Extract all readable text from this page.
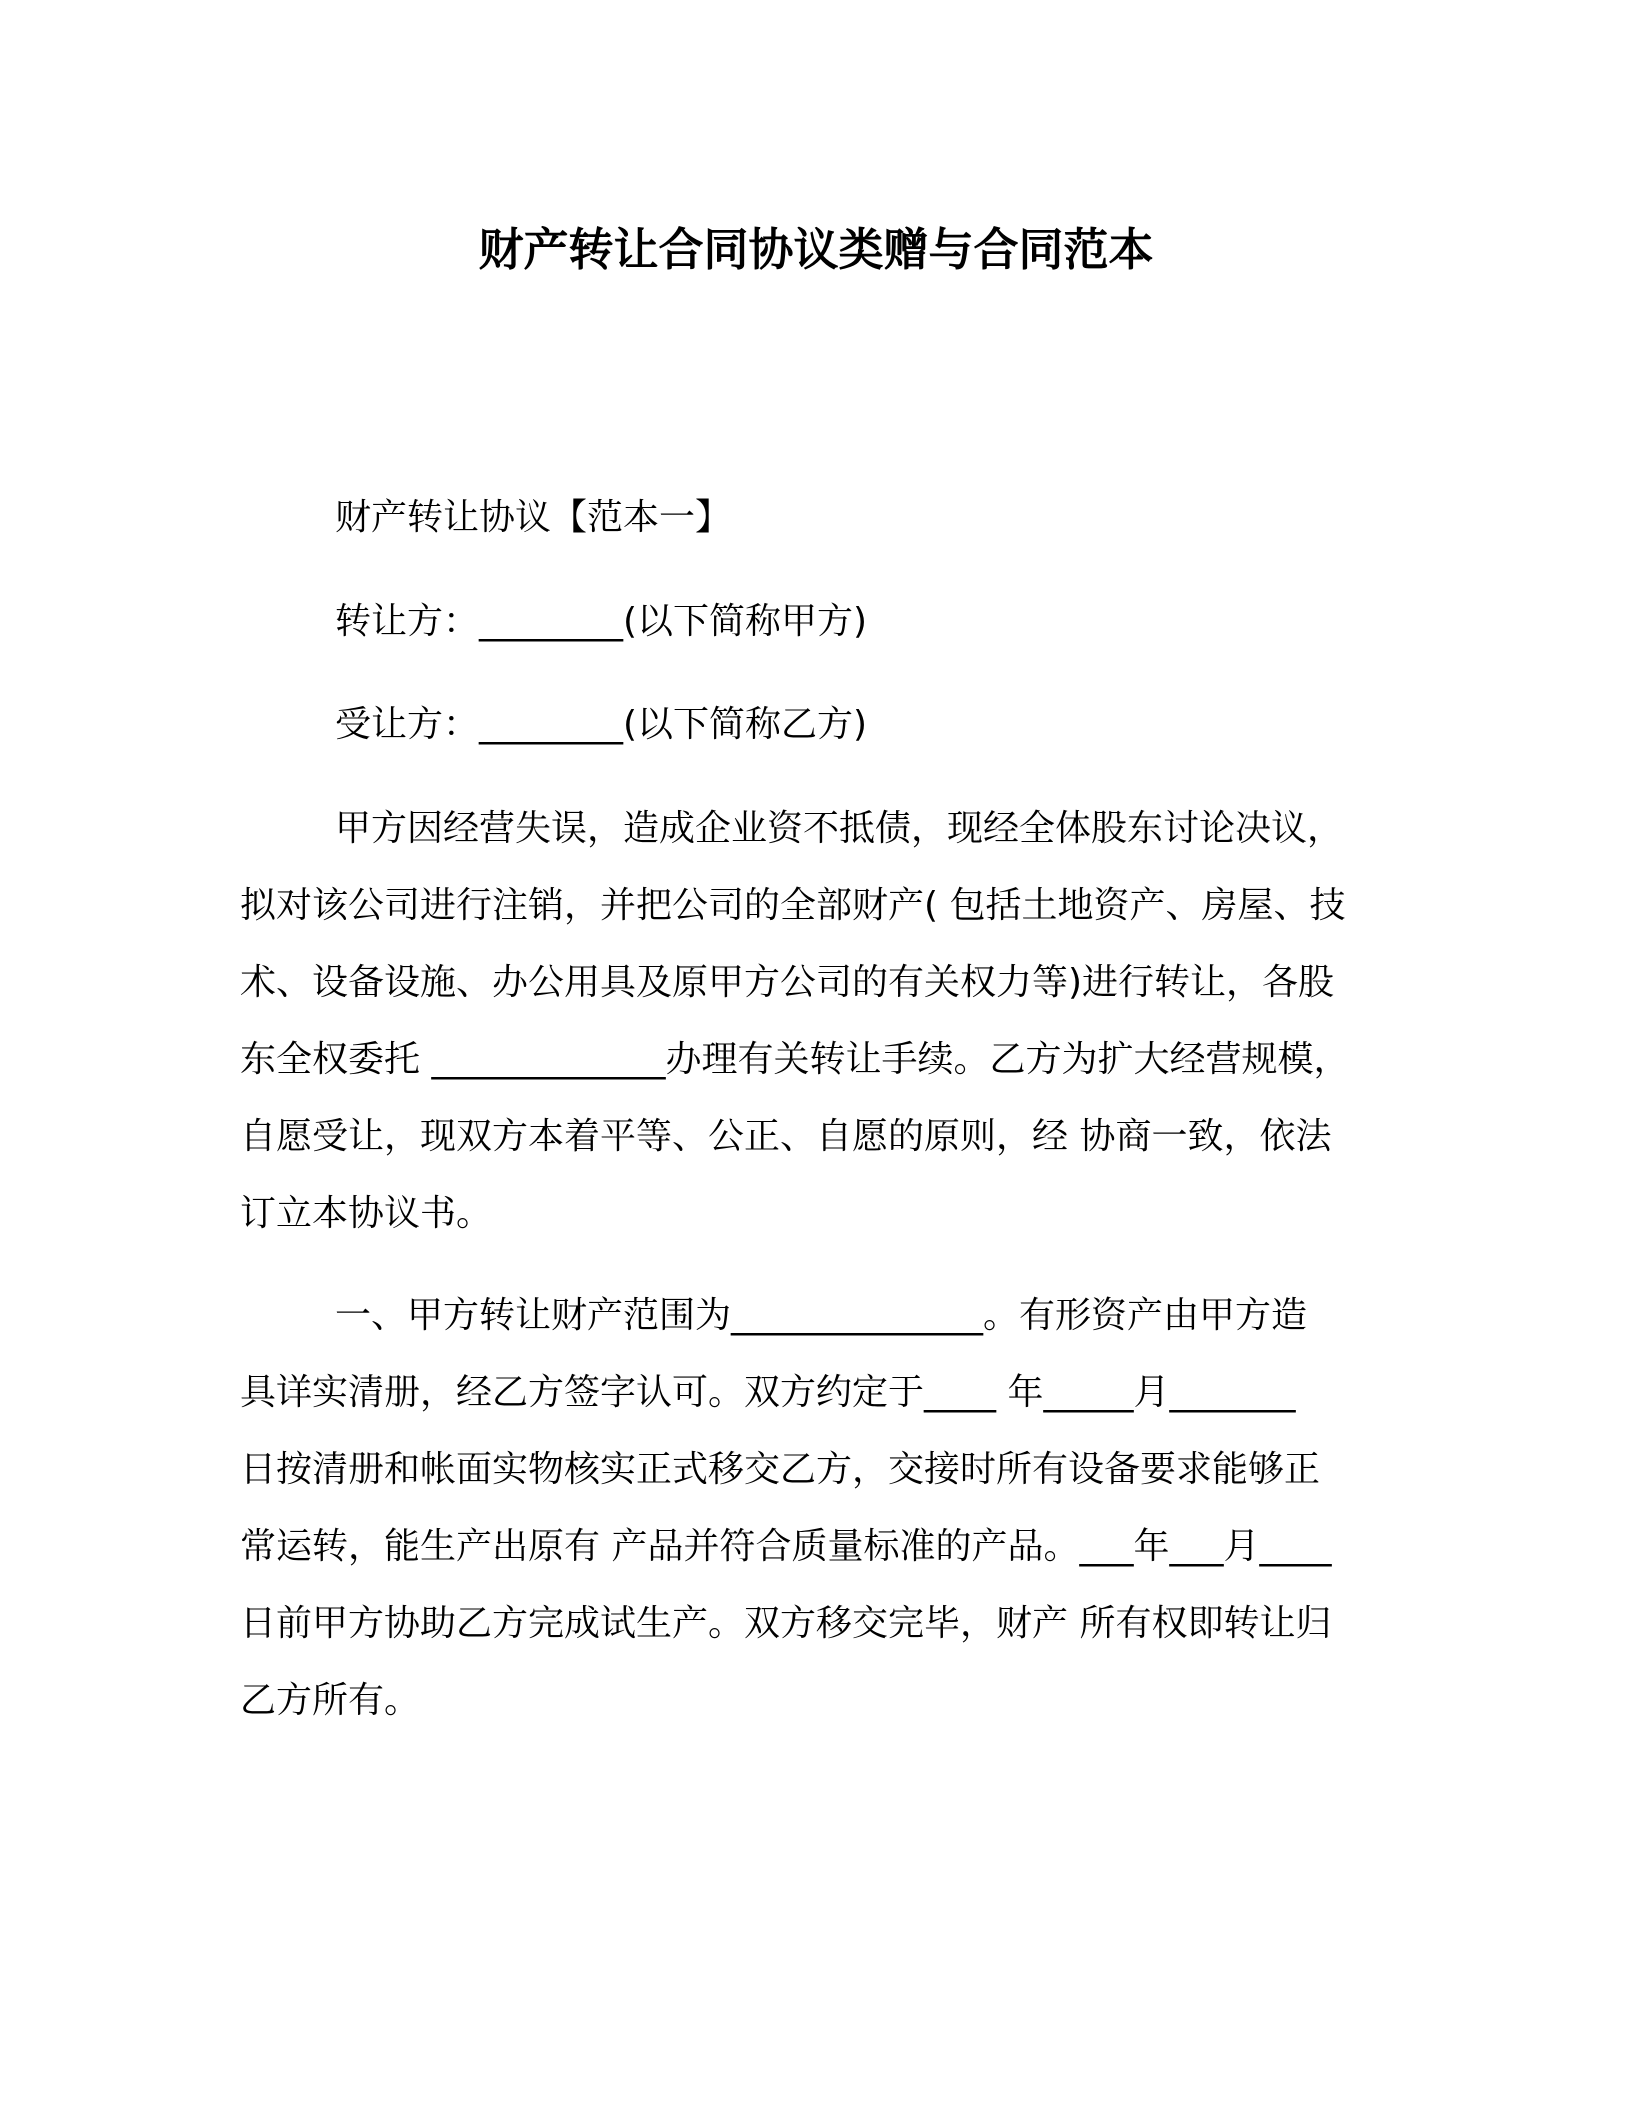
财产转让合同协议类赠与合同范本
财产转让协议【范本一】
转让方：________(以下简称甲方)
受让方：________(以下简称乙方)
甲方因经营失误，造成企业资不抵债，现经全体股东讨论决议，
拟对该公司进行注销，并把公司的全部财产( 包括土地资产、房屋、技
术、设备设施、办公用具及原甲方公司的有关权力等)进行转让，各股
东全权委托 _____________办理有关转让手续。乙方为扩大经营规模，
自愿受让，现双方本着平等、公正、自愿的原则，经 协商一致，依法
订立本协议书。
一、甲方转让财产范围为______________。有形资产由甲方造
具详实清册，经乙方签字认可。双方约定于____ 年_____月_______
日按清册和帐面实物核实正式移交乙方，交接时所有设备要求能够正
常运转，能生产出原有 产品并符合质量标准的产品。___年___月____
日前甲方协助乙方完成试生产。双方移交完毕，财产 所有权即转让归
乙方所有。
